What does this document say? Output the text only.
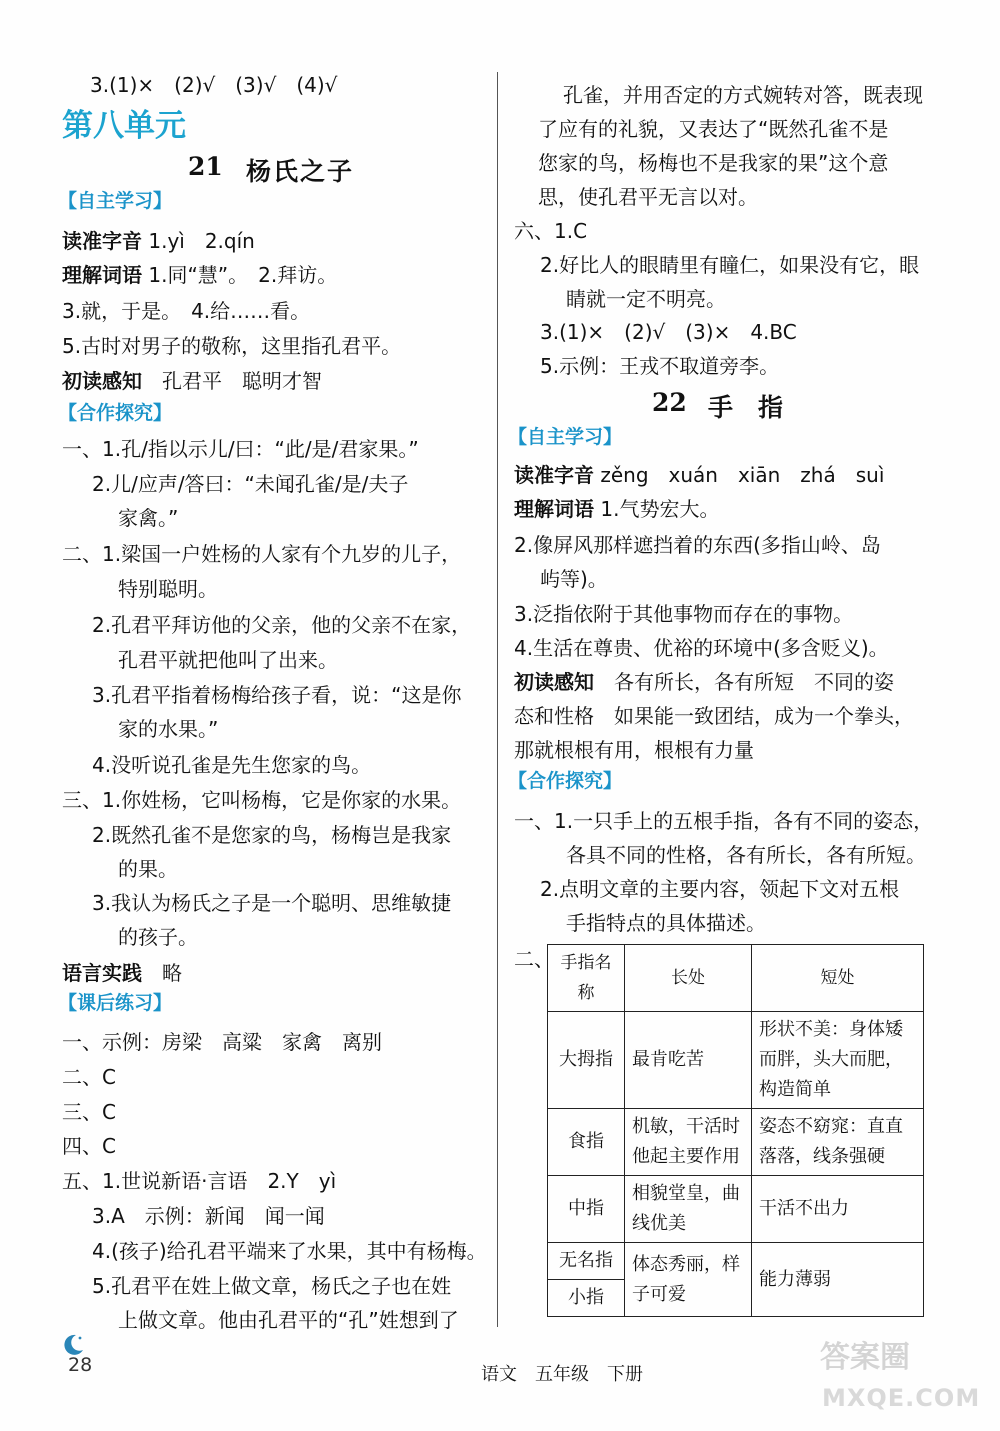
3.(1)×　(2)√　(3)√　(4)√
第八单元
21 杨氏之子
【自主学习】
读准字音 1.yì　2.qín
理解词语 1.同“慧”。　2.拜访。
3.就，于是。　4.给……看。
5.古时对男子的敬称，这里指孔君平。
初读感知　孔君平　聪明才智
【合作探究】
一、1.孔/指以示儿/曰：“此/是/君家果。”
2.儿/应声/答曰：“未闻孔雀/是/夫子
家禽。”
二、1.梁国一户姓杨的人家有个九岁的儿子，
特别聪明。
2.孔君平拜访他的父亲，他的父亲不在家，
孔君平就把他叫了出来。
3.孔君平指着杨梅给孩子看，说：“这是你
家的水果。”
4.没听说孔雀是先生您家的鸟。
三、1.你姓杨，它叫杨梅，它是你家的水果。
2.既然孔雀不是您家的鸟，杨梅岂是我家
的果。
3.我认为杨氏之子是一个聪明、思维敏捷
的孩子。
语言实践　略
【课后练习】
一、示例：房梁　高粱　家禽　离别
二、C
三、C
四、C
五、1.世说新语·言语　2.Y　yì
3.A　示例：新闻　闻一闻
4.(孩子)给孔君平端来了水果，其中有杨梅。
5.孔君平在姓上做文章，杨氏之子也在姓
上做文章。他由孔君平的“孔”姓想到了
孔雀，并用否定的方式婉转对答，既表现
了应有的礼貌，又表达了“既然孔雀不是
您家的鸟，杨梅也不是我家的果”这个意
思，使孔君平无言以对。
六、1.C
2.好比人的眼睛里有瞳仁，如果没有它，眼
睛就一定不明亮。
3.(1)×　(2)√　(3)×　4.BC
5.示例：王戎不取道旁李。
22 手　指
【自主学习】
读准字音 zěng　xuán　xiān　zhá　suì
理解词语 1.气势宏大。
2.像屏风那样遮挡着的东西(多指山岭、岛
屿等)。
3.泛指依附于其他事物而存在的事物。
4.生活在尊贵、优裕的环境中(多含贬义)。
初读感知　各有所长，各有所短　不同的姿
态和性格　如果能一致团结，成为一个拳头，
那就根根有用，根根有力量
【合作探究】
一、1.一只手上的五根手指，各有不同的姿态，
各具不同的性格，各有所长，各有所短。
2.点明文章的主要内容，领起下文对五根
手指特点的具体描述。
二、 手指名称	长处	短处
大拇指	最肯吃苦	形状不美：身体矮而胖，头大而肥，构造简单
食指	机敏，干活时他起主要作用	姿态不窈窕：直直落落，线条强硬
中指	相貌堂皇，曲线优美	干活不出力
无名指	体态秀丽，样子可爱	能力薄弱
小指		
28	语文　五年级　下册	答案圈
MXQE.COM
